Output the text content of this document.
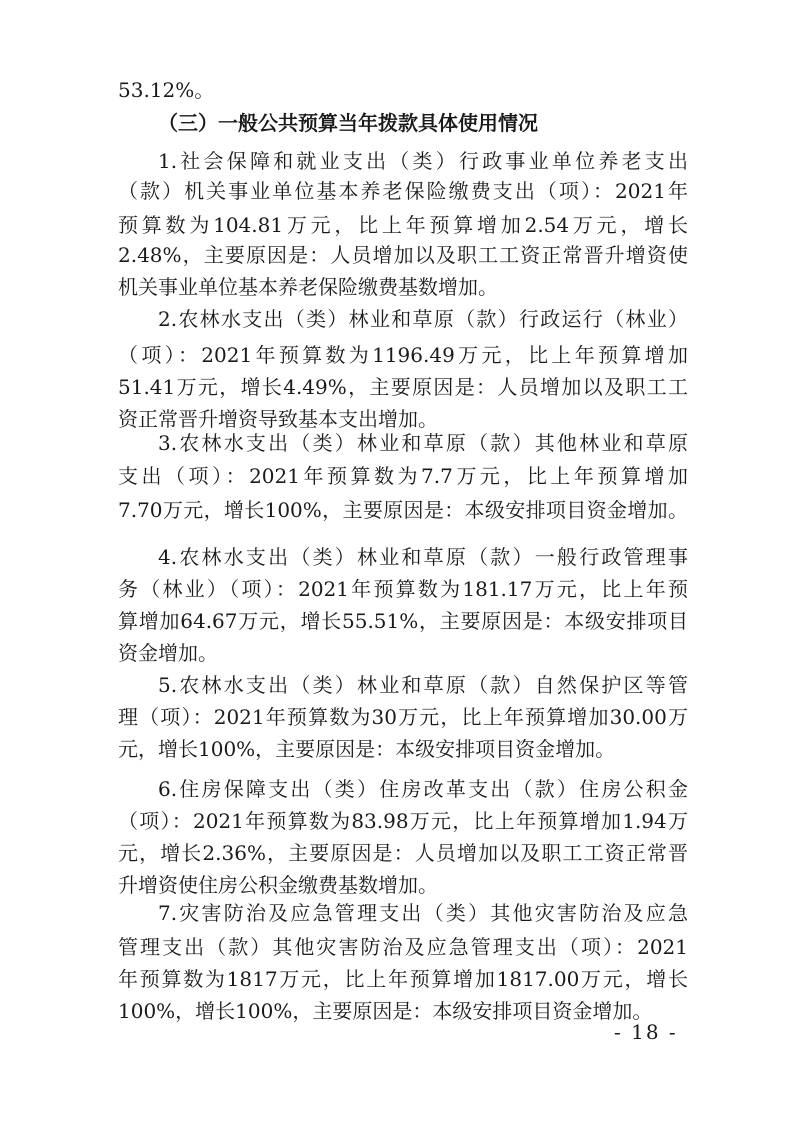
53.12%。
（三）一般公共预算当年拨款具体使用情况
1.社会保障和就业支出（类）行政事业单位养老支出
（款）机关事业单位基本养老保险缴费支出（项）：2021年
预算数为104.81万元，比上年预算增加2.54万元，增长
2.48%，主要原因是：人员增加以及职工工资正常晋升增资使
机关事业单位基本养老保险缴费基数增加。
2.农林水支出（类）林业和草原（款）行政运行（林业）
（项）：2021年预算数为1196.49万元，比上年预算增加
51.41万元，增长4.49%，主要原因是：人员增加以及职工工
资正常晋升增资导致基本支出增加。
3.农林水支出（类）林业和草原（款）其他林业和草原
支出（项）：2021年预算数为7.7万元，比上年预算增加
7.70万元，增长100%，主要原因是：本级安排项目资金增加。
4.农林水支出（类）林业和草原（款）一般行政管理事
务（林业）（项）：2021年预算数为181.17万元，比上年预
算增加64.67万元，增长55.51%，主要原因是：本级安排项目
资金增加。
5.农林水支出（类）林业和草原（款）自然保护区等管
理（项）：2021年预算数为30万元，比上年预算增加30.00万
元，增长100%，主要原因是：本级安排项目资金增加。
6.住房保障支出（类）住房改革支出（款）住房公积金
（项）：2021年预算数为83.98万元，比上年预算增加1.94万
元，增长2.36%，主要原因是：人员增加以及职工工资正常晋
升增资使住房公积金缴费基数增加。
7.灾害防治及应急管理支出（类）其他灾害防治及应急
管理支出（款）其他灾害防治及应急管理支出（项）：2021
年预算数为1817万元，比上年预算增加1817.00万元，增长
100%，增长100%，主要原因是：本级安排项目资金增加。
- 18 -
